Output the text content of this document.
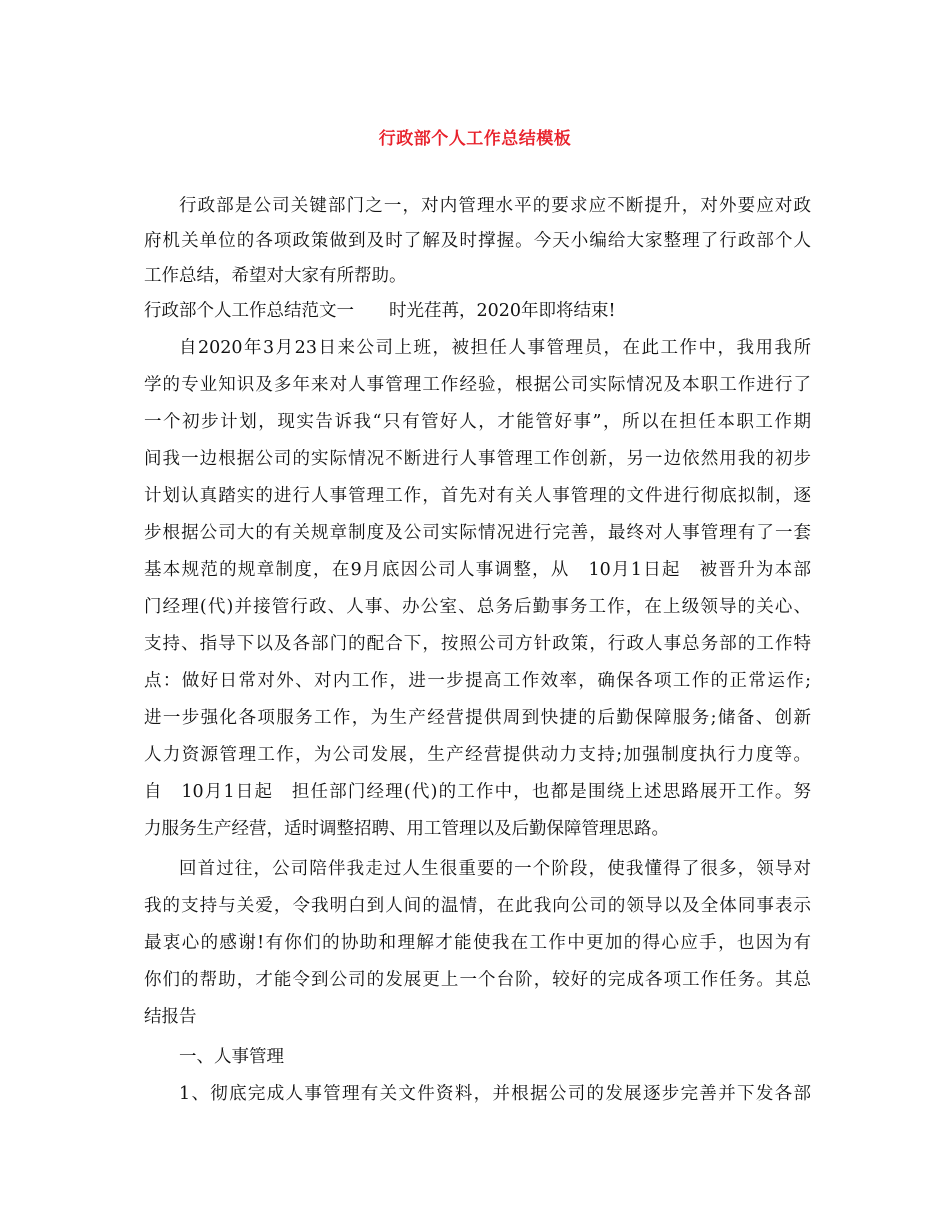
行政部个人工作总结模板
行政部是公司关键部门之一，对内管理水平的要求应不断提升，对外要应对政
府机关单位的各项政策做到及时了解及时撑握。今天小编给大家整理了行政部个人
工作总结，希望对大家有所帮助。
行政部个人工作总结范文一　　时光荏苒，2020年即将结束!
自2020年3月23日来公司上班，被担任人事管理员，在此工作中，我用我所
学的专业知识及多年来对人事管理工作经验，根据公司实际情况及本职工作进行了
一个初步计划，现实告诉我“只有管好人，才能管好事”，所以在担任本职工作期
间我一边根据公司的实际情况不断进行人事管理工作创新，另一边依然用我的初步
计划认真踏实的进行人事管理工作，首先对有关人事管理的文件进行彻底拟制，逐
步根据公司大的有关规章制度及公司实际情况进行完善，最终对人事管理有了一套
基本规范的规章制度，在9月底因公司人事调整，从　10月1日起　被晋升为本部
门经理(代)并接管行政、人事、办公室、总务后勤事务工作，在上级领导的关心、
支持、指导下以及各部门的配合下，按照公司方针政策，行政人事总务部的工作特
点：做好日常对外、对内工作，进一步提高工作效率，确保各项工作的正常运作;
进一步强化各项服务工作，为生产经营提供周到快捷的后勤保障服务;储备、创新
人力资源管理工作，为公司发展，生产经营提供动力支持;加强制度执行力度等。
自　10月1日起　担任部门经理(代)的工作中，也都是围绕上述思路展开工作。努
力服务生产经营，适时调整招聘、用工管理以及后勤保障管理思路。
回首过往，公司陪伴我走过人生很重要的一个阶段，使我懂得了很多，领导对
我的支持与关爱，令我明白到人间的温情，在此我向公司的领导以及全体同事表示
最衷心的感谢!有你们的协助和理解才能使我在工作中更加的得心应手，也因为有
你们的帮助，才能令到公司的发展更上一个台阶，较好的完成各项工作任务。其总
结报告
一、人事管理
1、彻底完成人事管理有关文件资料，并根据公司的发展逐步完善并下发各部
